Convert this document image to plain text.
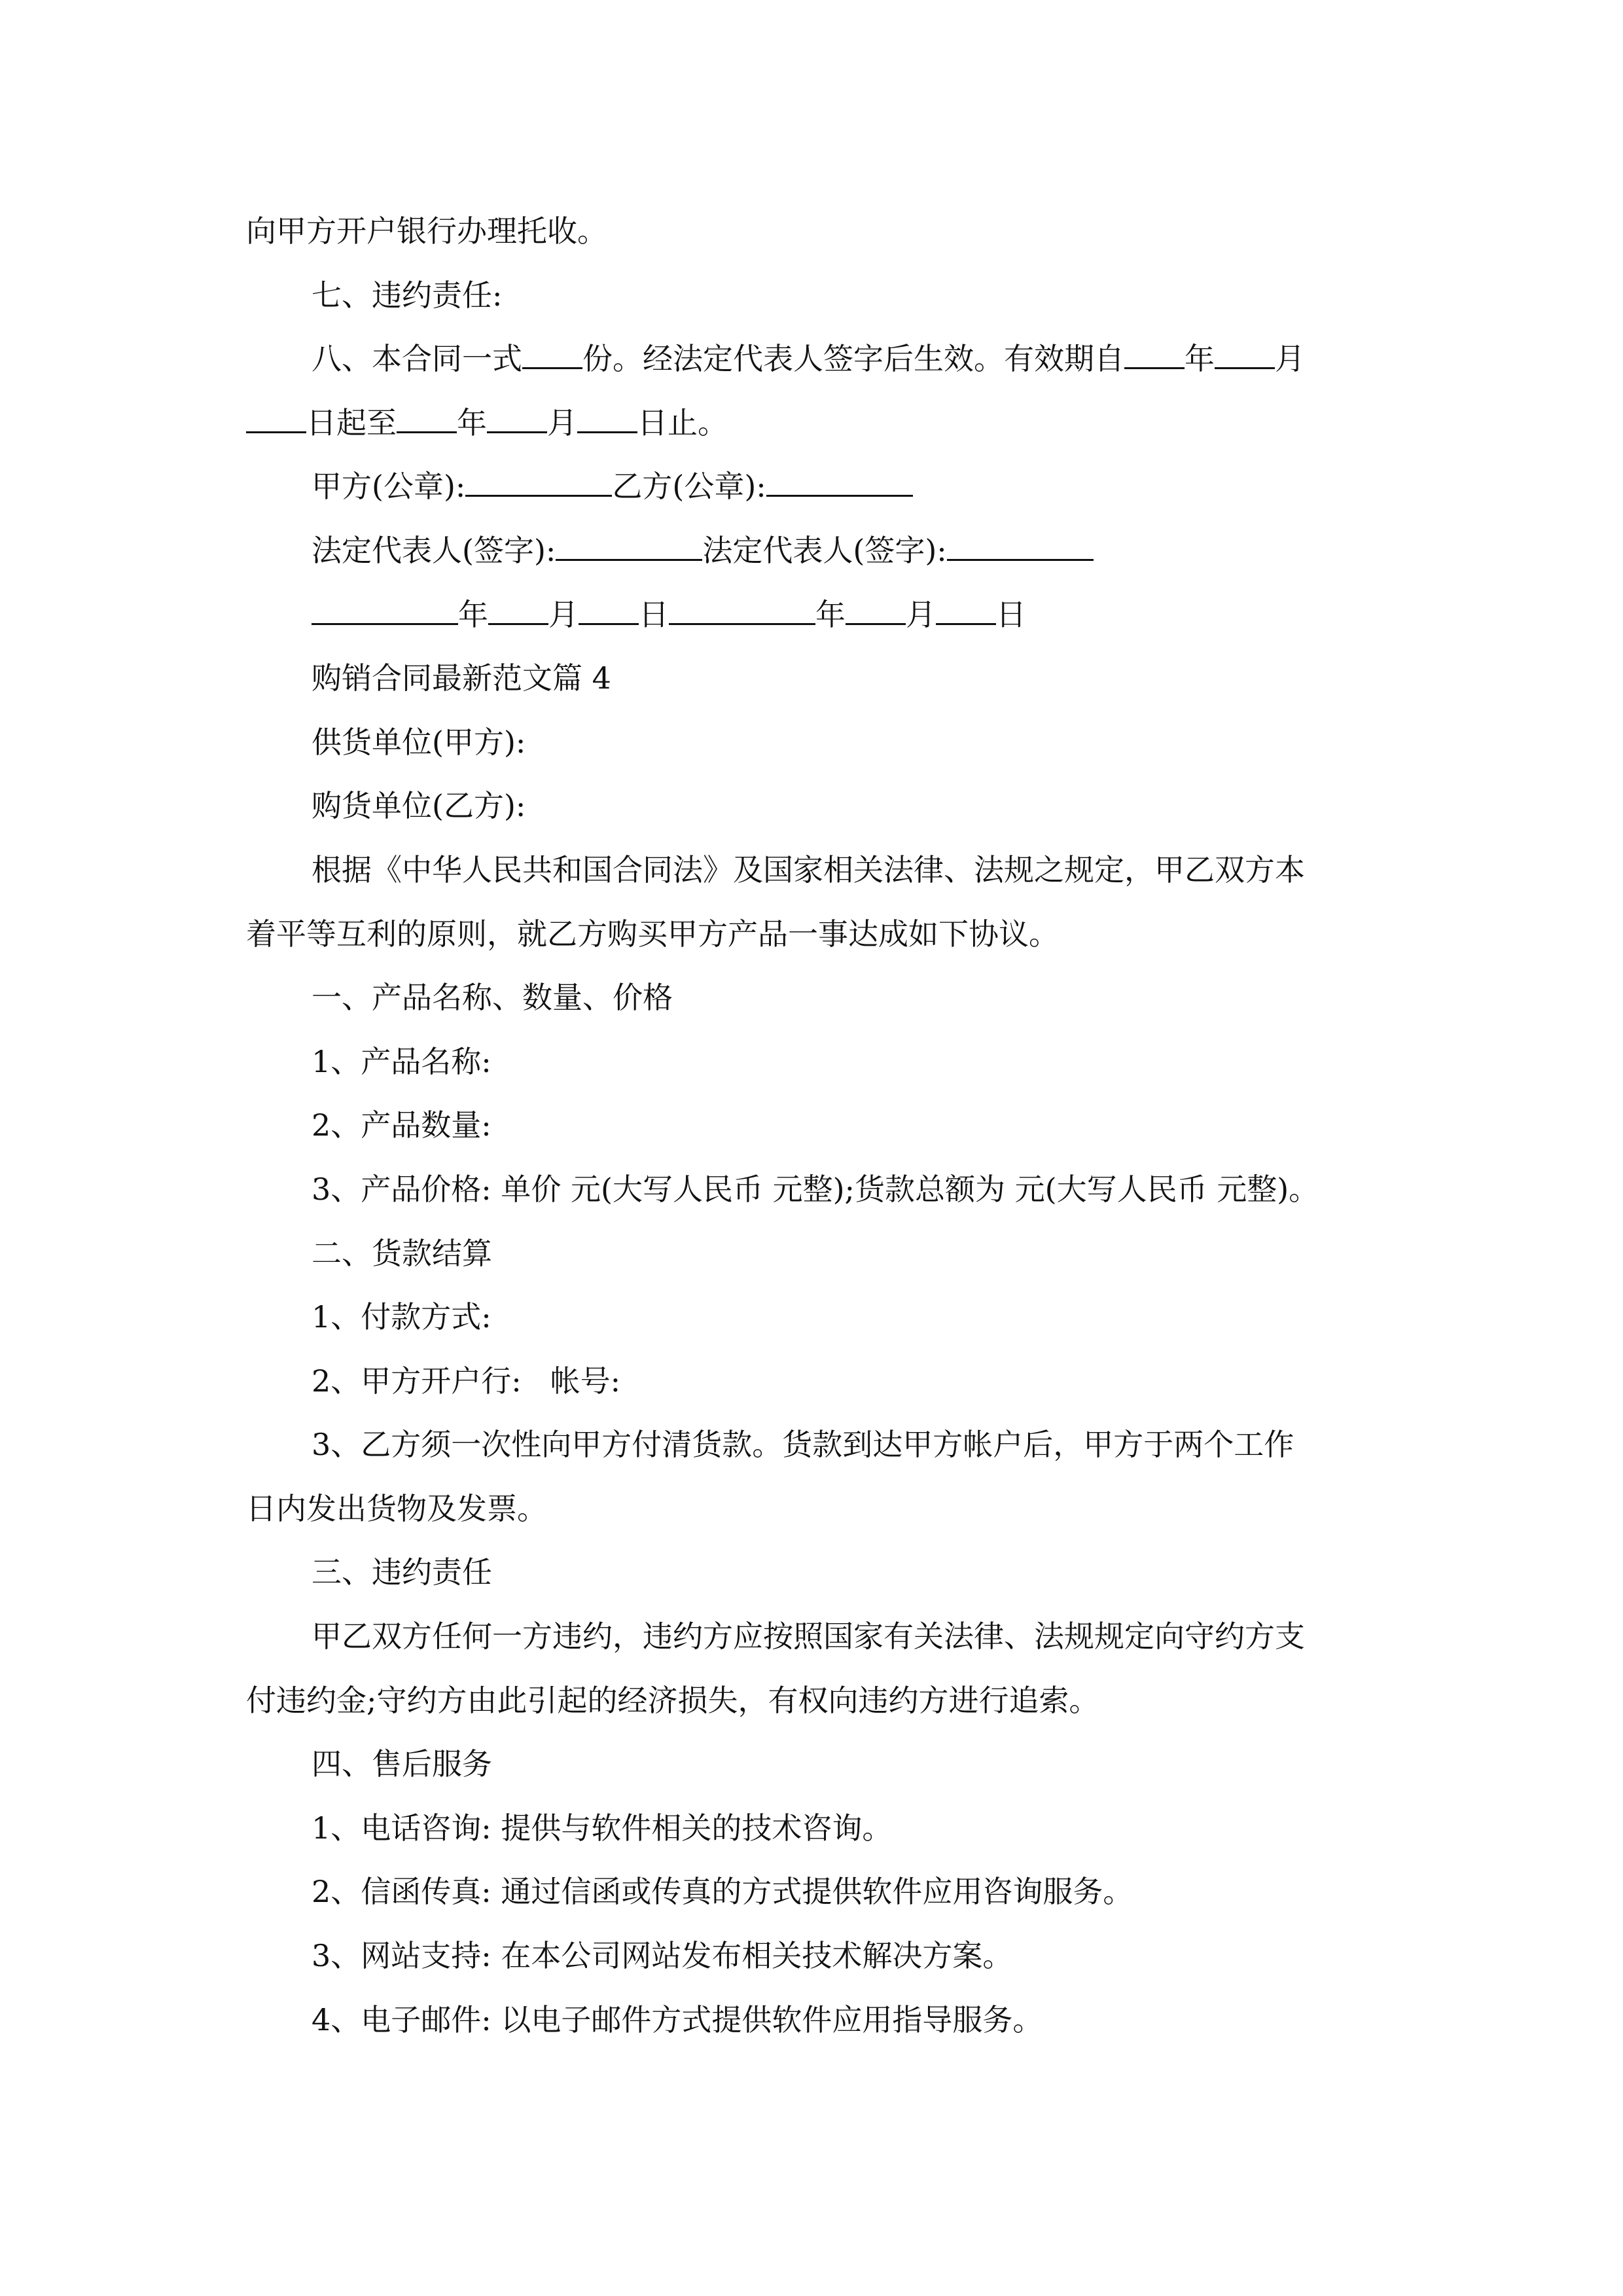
向甲方开户银行办理托收。

七、违约责任:

八、本合同一式 份。经法定代表人签字后生效。有效期自 年 月

日起至 年 月 日止。

甲方(公章):	乙方(公章):

法定代表人(签字):	法定代表人(签字):

年 月 日	年 月 日

购销合同最新范文篇 4

供货单位(甲方):

购货单位(乙方):

根据《中华人民共和国合同法》及国家相关法律、法规之规定，甲乙双方本

着平等互利的原则，就乙方购买甲方产品一事达成如下协议。

一、产品名称、数量、价格

1、产品名称:

2、产品数量:

3、产品价格: 单价 元(大写人民币 元整);货款总额为 元(大写人民币 元整)。

二、货款结算

1、付款方式:

2、甲方开户行:   帐号:

3、乙方须一次性向甲方付清货款。货款到达甲方帐户后，甲方于两个工作

日内发出货物及发票。

三、违约责任

甲乙双方任何一方违约，违约方应按照国家有关法律、法规规定向守约方支

付违约金;守约方由此引起的经济损失，有权向违约方进行追索。

四、售后服务

1、电话咨询: 提供与软件相关的技术咨询。

2、信函传真: 通过信函或传真的方式提供软件应用咨询服务。

3、网站支持: 在本公司网站发布相关技术解决方案。

4、电子邮件: 以电子邮件方式提供软件应用指导服务。
